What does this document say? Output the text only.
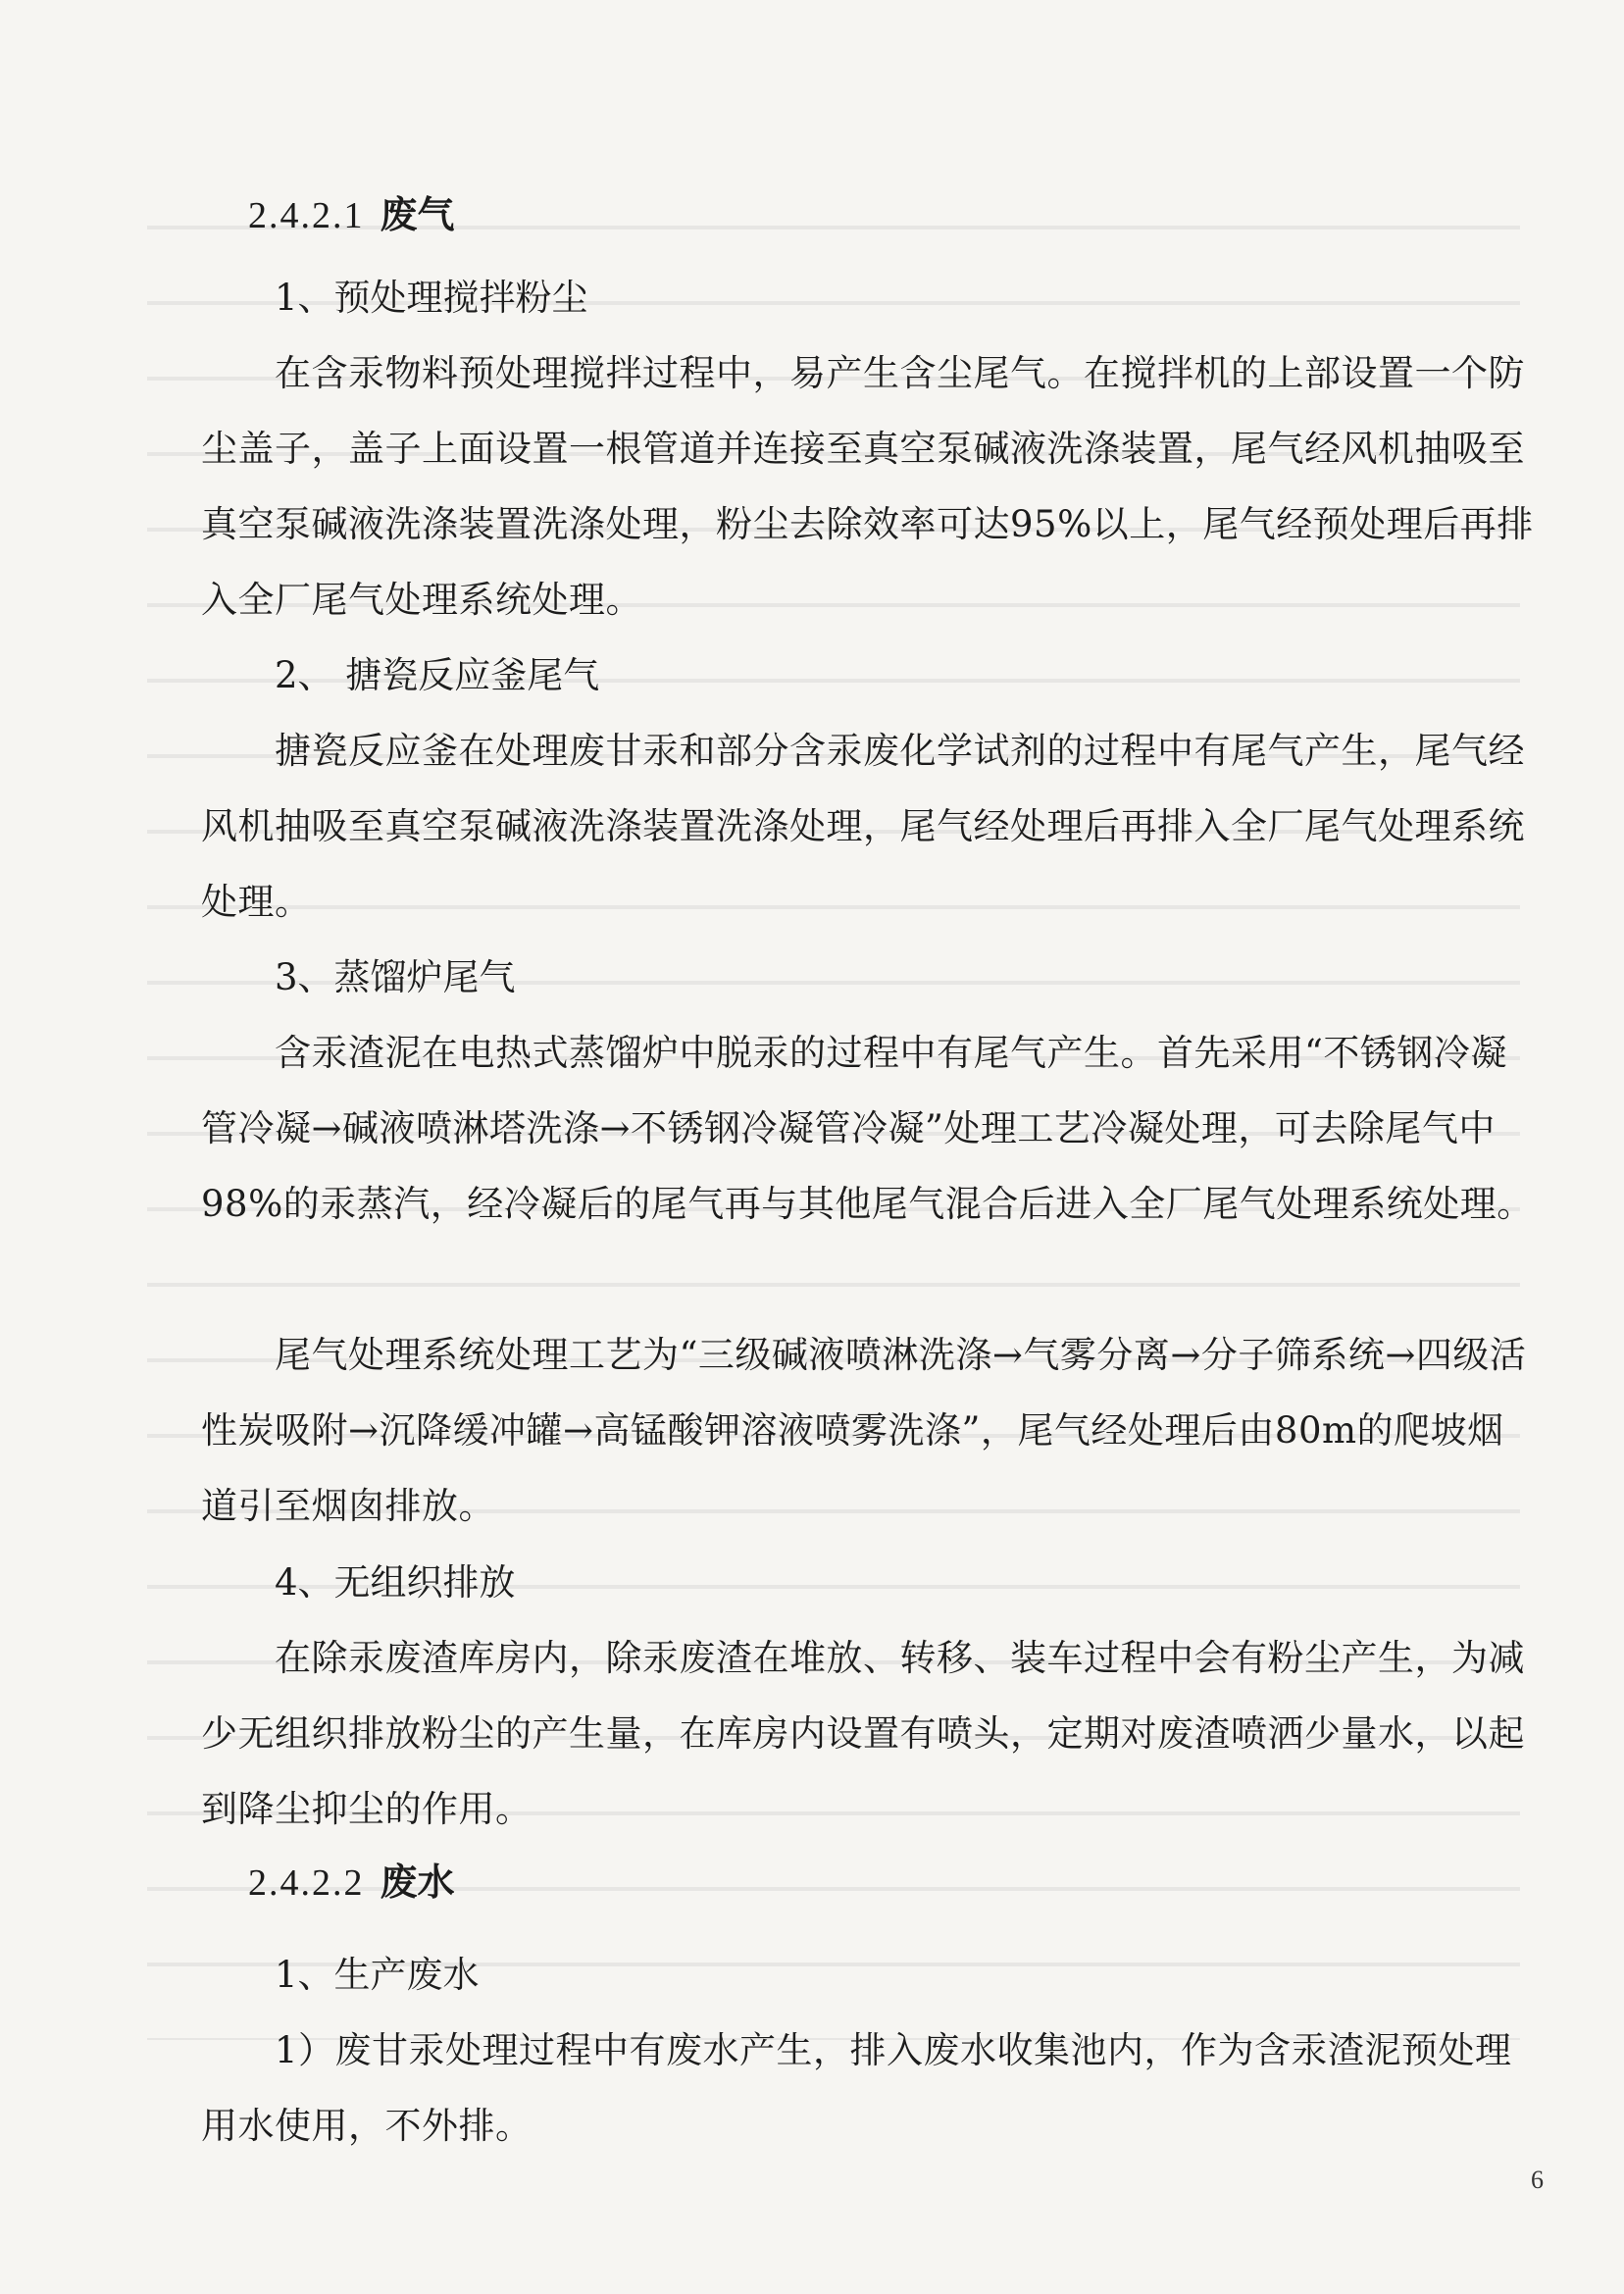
2.4.2.1 废气

1、预处理搅拌粉尘

在含汞物料预处理搅拌过程中，易产生含尘尾气。在搅拌机的上部设置一个防尘盖子，盖子上面设置一根管道并连接至真空泵碱液洗涤装置，尾气经风机抽吸至真空泵碱液洗涤装置洗涤处理，粉尘去除效率可达95%以上，尾气经预处理后再排入全厂尾气处理系统处理。

2、 搪瓷反应釜尾气

搪瓷反应釜在处理废甘汞和部分含汞废化学试剂的过程中有尾气产生，尾气经风机抽吸至真空泵碱液洗涤装置洗涤处理，尾气经处理后再排入全厂尾气处理系统处理。

3、蒸馏炉尾气

含汞渣泥在电热式蒸馏炉中脱汞的过程中有尾气产生。首先采用“不锈钢冷凝管冷凝→碱液喷淋塔洗涤→不锈钢冷凝管冷凝”处理工艺冷凝处理，可去除尾气中98%的汞蒸汽，经冷凝后的尾气再与其他尾气混合后进入全厂尾气处理系统处理。

尾气处理系统处理工艺为“三级碱液喷淋洗涤→气雾分离→分子筛系统→四级活性炭吸附→沉降缓冲罐→高锰酸钾溶液喷雾洗涤”，尾气经处理后由80m的爬坡烟道引至烟囱排放。

4、无组织排放

在除汞废渣库房内，除汞废渣在堆放、转移、装车过程中会有粉尘产生，为减少无组织排放粉尘的产生量，在库房内设置有喷头，定期对废渣喷洒少量水，以起到降尘抑尘的作用。

2.4.2.2 废水

1、生产废水

1）废甘汞处理过程中有废水产生，排入废水收集池内，作为含汞渣泥预处理用水使用，不外排。

6
